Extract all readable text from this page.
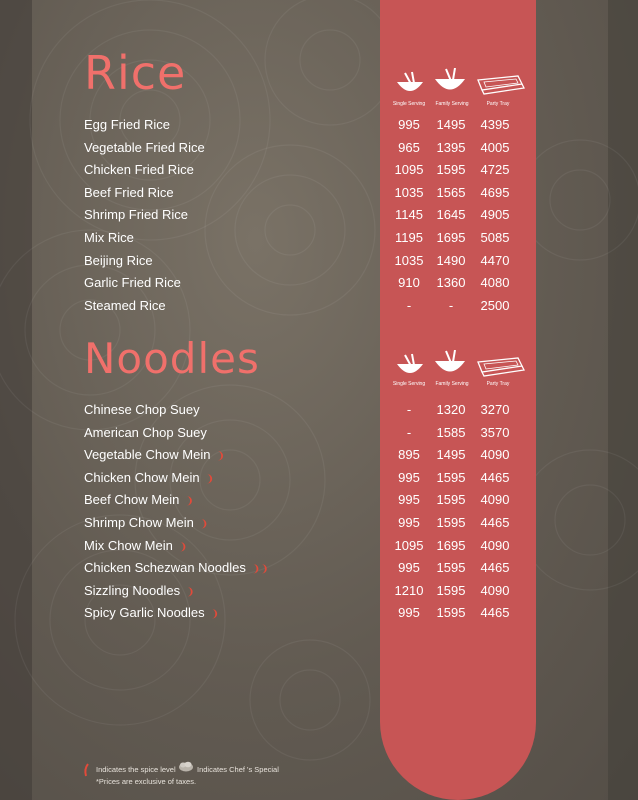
Rice
Single Serving	Family Serving	Party Tray
Noodles
Single Serving	Family Serving	Party Tray
Indicates the spice level	Indicates Chef 's Special
*Prices are exclusive of taxes.
Egg Fried Rice	995	1495	4395
Vegetable Fried Rice	965	1395	4005
Chicken Fried Rice	1095	1595	4725
Beef Fried Rice	1035	1565	4695
Shrimp Fried Rice	1145	1645	4905
Mix Rice	1195	1695	5085
Beijing Rice	1035	1490	4470
Garlic Fried Rice	910	1360	4080
Steamed Rice	-	-	2500
Chinese Chop Suey	-	1320	3270
American Chop Suey	-	1585	3570
Vegetable Chow Mein ❩	895	1495	4090
Chicken Chow Mein ❩	995	1595	4465
Beef Chow Mein ❩	995	1595	4090
Shrimp Chow Mein ❩	995	1595	4465
Mix Chow Mein ❩	1095	1695	4090
Chicken Schezwan Noodles ❩❩	995	1595	4465
Sizzling Noodles ❩	1210	1595	4090
Spicy Garlic Noodles ❩	995	1595	4465
